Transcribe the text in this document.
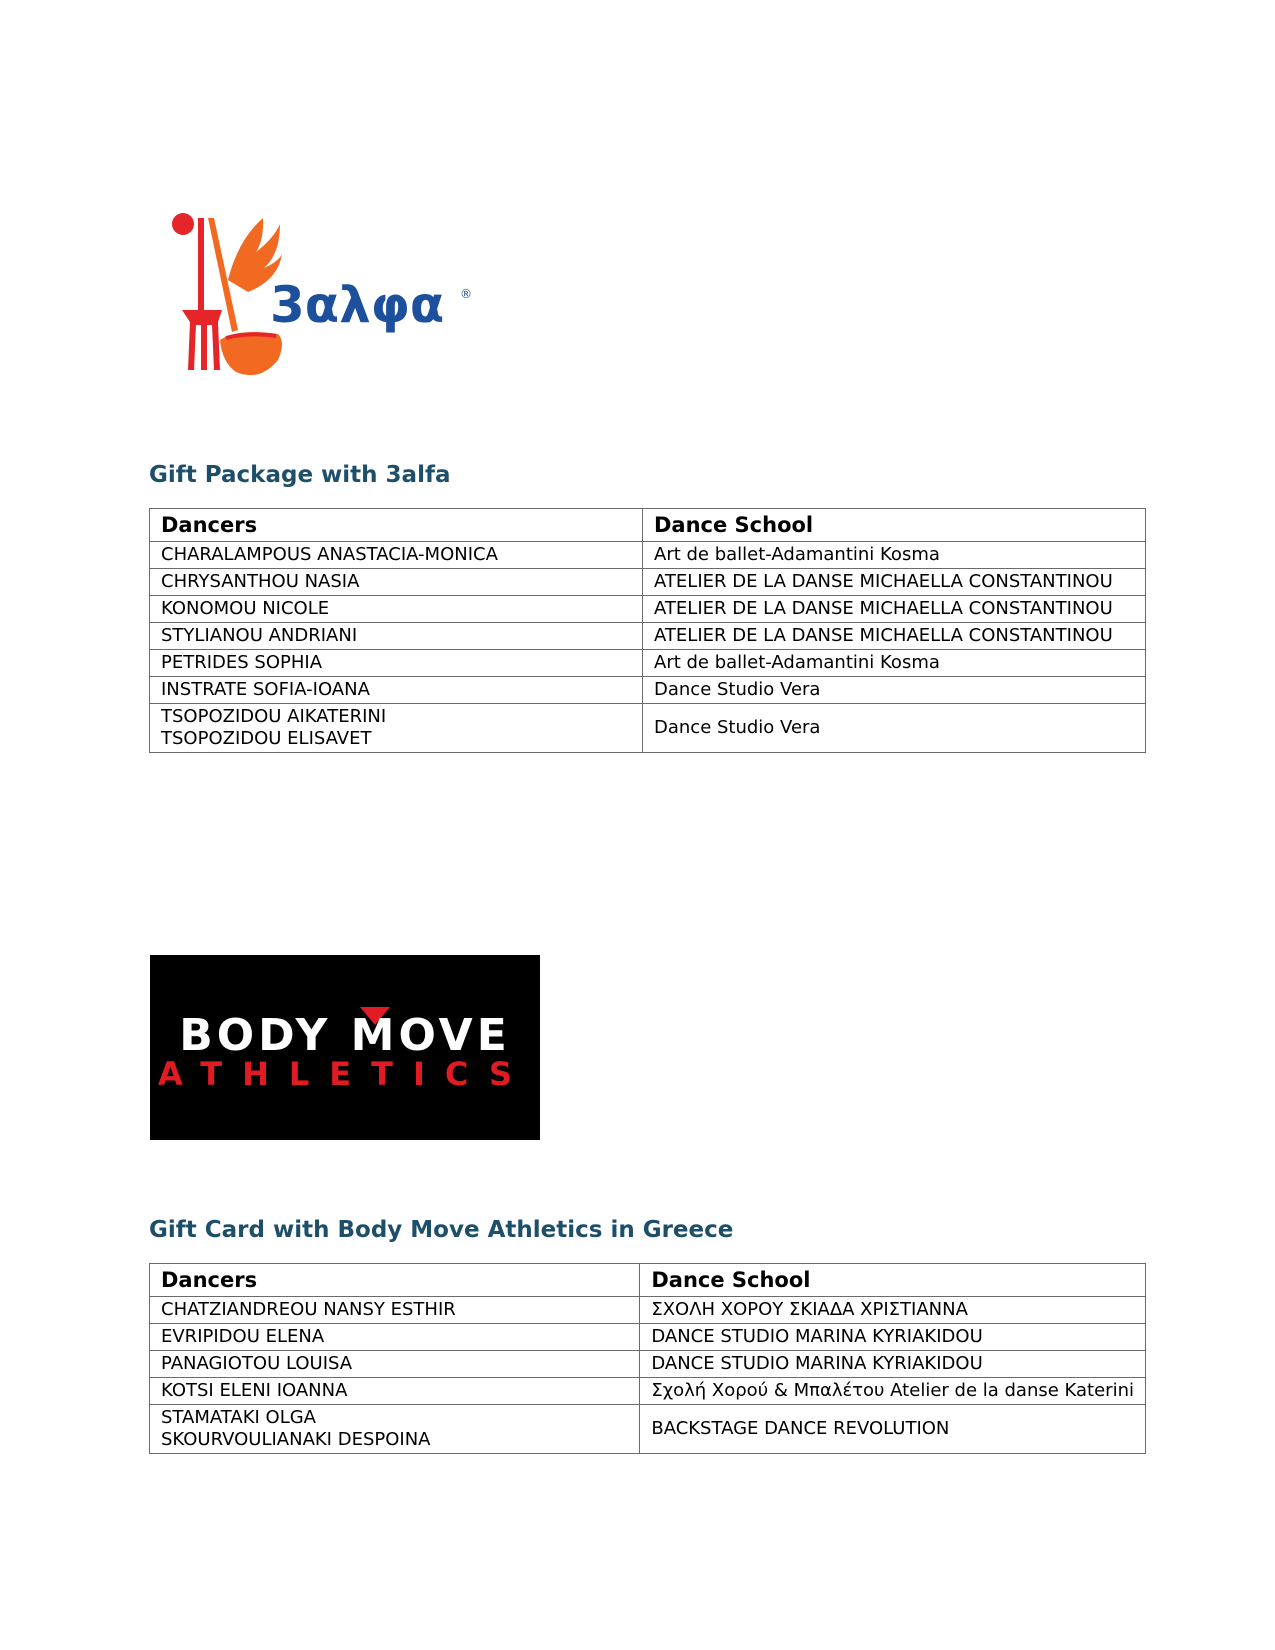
3αλφα ®
Gift Package with 3alfa
Dancers	Dance School

CHARALAMPOUS ANASTACIA-MONICA	Art de ballet-Adamantini Kosma

CHRYSANTHOU NASIA	ATELIER DE LA DANSE MICHAELLA CONSTANTINOU

KONOMOU NICOLE	ATELIER DE LA DANSE MICHAELLA CONSTANTINOU

STYLIANOU ANDRIANI	ATELIER DE LA DANSE MICHAELLA CONSTANTINOU

PETRIDES SOPHIA	Art de ballet-Adamantini Kosma

INSTRATE SOFIA-IOANA	Dance Studio Vera

TSOPOZIDOU AIKATERINI
TSOPOZIDOU ELISAVET	Dance Studio Vera
BODY MOVE
ATHLETICS
Gift Card with Body Move Athletics in Greece
Dancers	Dance School

CHATZIANDREOU NANSY ESTHIR	ΣΧΟΛΗ ΧΟΡΟΥ ΣΚΙΑΔΑ ΧΡΙΣΤΙΑΝΝΑ

EVRIPIDOU ELENA	DANCE STUDIO MARINA KYRIAKIDOU

PANAGIOTOU LOUISA	DANCE STUDIO MARINA KYRIAKIDOU

KOTSI ELENI IOANNA	Σχολή Χορού & Μπαλέτου Atelier de la danse Katerini

STAMATAKI OLGA
SKOURVOULIANAKI DESPOINA	BACKSTAGE DANCE REVOLUTION
